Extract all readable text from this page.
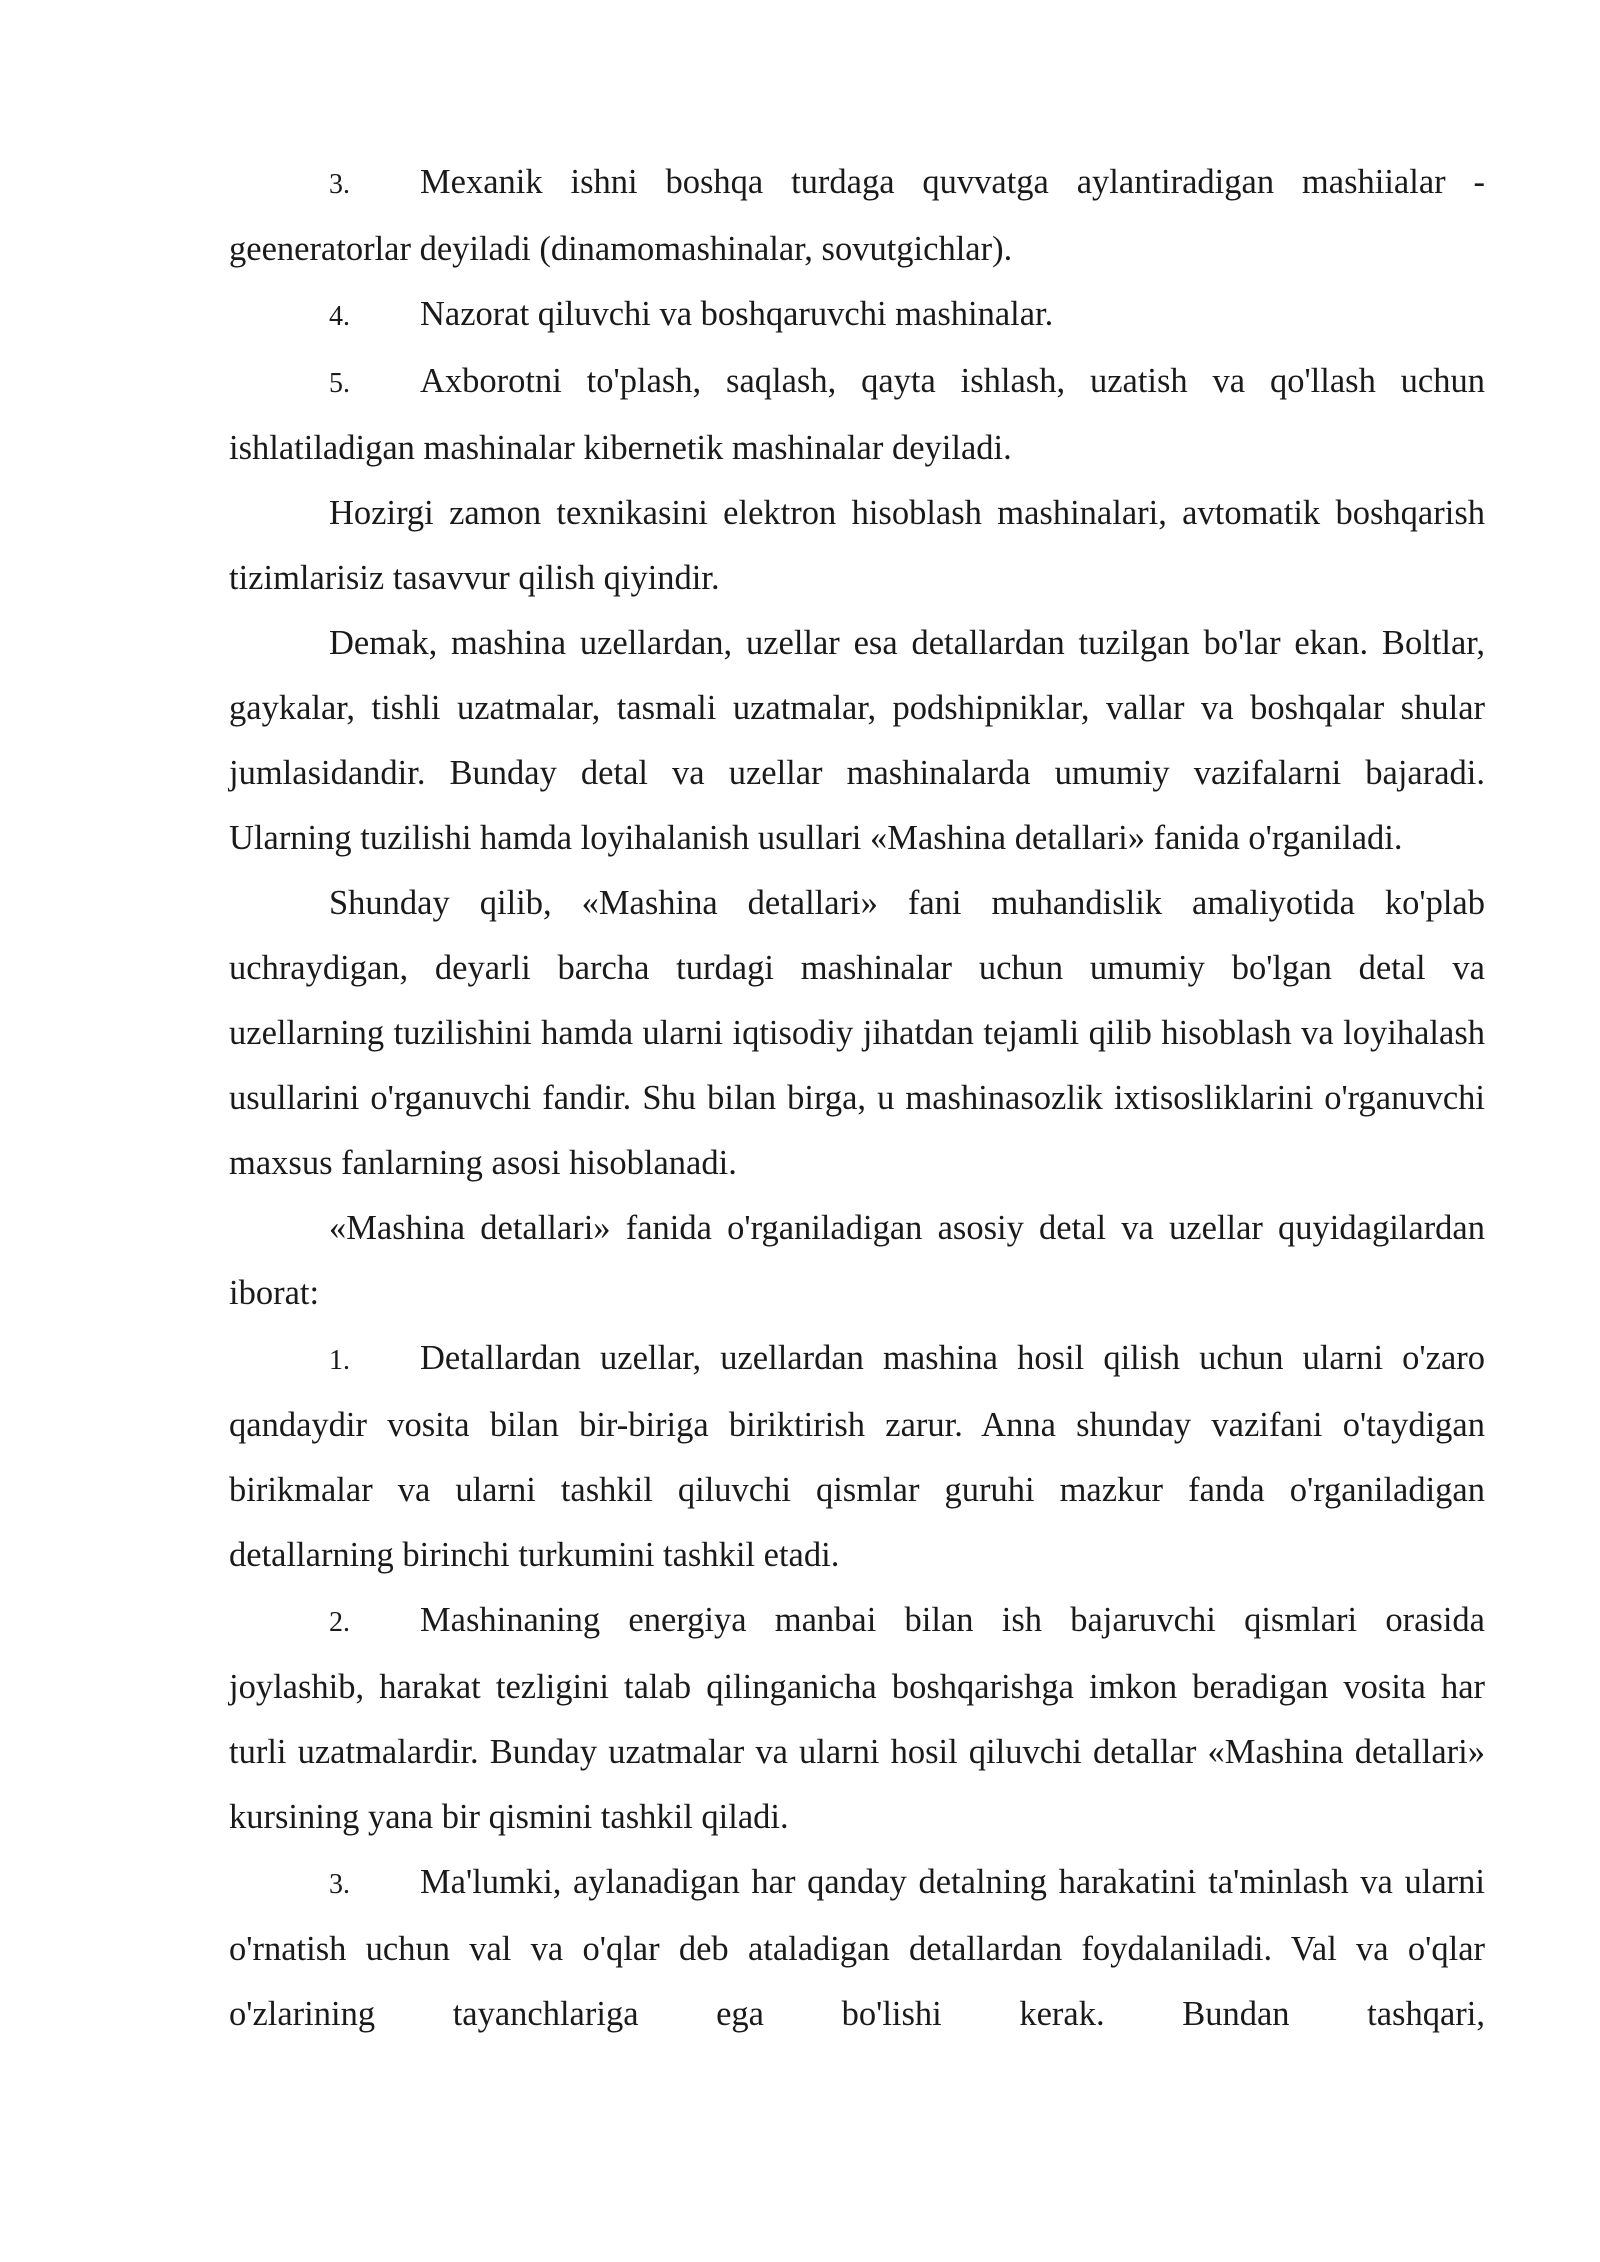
3. Mexanik ishni boshqa turdaga quvvatga aylantiradigan mashiialar - geeneratorlar deyiladi (dinamomashinalar, sovutgichlar).

4. Nazorat qiluvchi va boshqaruvchi mashinalar.

5. Axborotni to'plash, saqlash, qayta ishlash, uzatish va qo'llash uchun ishlatiladigan mashinalar kibernetik mashinalar deyiladi.

Hozirgi zamon texnikasini elektron hisoblash mashinalari, avtomatik boshqarish tizimlarisiz tasavvur qilish qiyindir.

Demak, mashina uzellardan, uzellar esa detallardan tuzilgan bo'lar ekan. Boltlar, gaykalar, tishli uzatmalar, tasmali uzatmalar, podshipniklar, vallar va boshqalar shular jumlasidandir. Bunday detal va uzellar mashinalarda umumiy vazifalarni bajaradi. Ularning tuzilishi hamda loyihalanish usullari «Mashina detallari» fanida o'rganiladi.

Shunday qilib, «Mashina detallari» fani muhandislik amaliyotida ko'plab uchraydigan, deyarli barcha turdagi mashinalar uchun umumiy bo'lgan detal va uzellarning tuzilishini hamda ularni iqtisodiy jihatdan tejamli qilib hisoblash va loyihalash usullarini o'rganuvchi fandir. Shu bilan birga, u mashinasozlik ixtisosliklarini o'rganuvchi maxsus fanlarning asosi hisoblanadi.

«Mashina detallari» fanida o'rganiladigan asosiy detal va uzellar quyidagilardan iborat:

1. Detallardan uzellar, uzellardan mashina hosil qilish uchun ularni o'zaro qandaydir vosita bilan bir-biriga biriktirish zarur. Anna shunday vazifani o'taydigan birikmalar va ularni tashkil qiluvchi qismlar guruhi mazkur fanda o'rganiladigan detallarning birinchi turkumini tashkil etadi.

2. Mashinaning energiya manbai bilan ish bajaruvchi qismlari orasida joylashib, harakat tezligini talab qilinganicha boshqarishga imkon beradigan vosita har turli uzatmalardir. Bunday uzatmalar va ularni hosil qiluvchi detallar «Mashina detallari» kursining yana bir qismini tashkil qiladi.

3. Ma'lumki, aylanadigan har qanday detalning harakatini ta'minlash va ularni o'rnatish uchun val va o'qlar deb ataladigan detallardan foydalaniladi. Val va o'qlar o'zlarining tayanchlariga ega bo'lishi kerak. Bundan tashqari,
